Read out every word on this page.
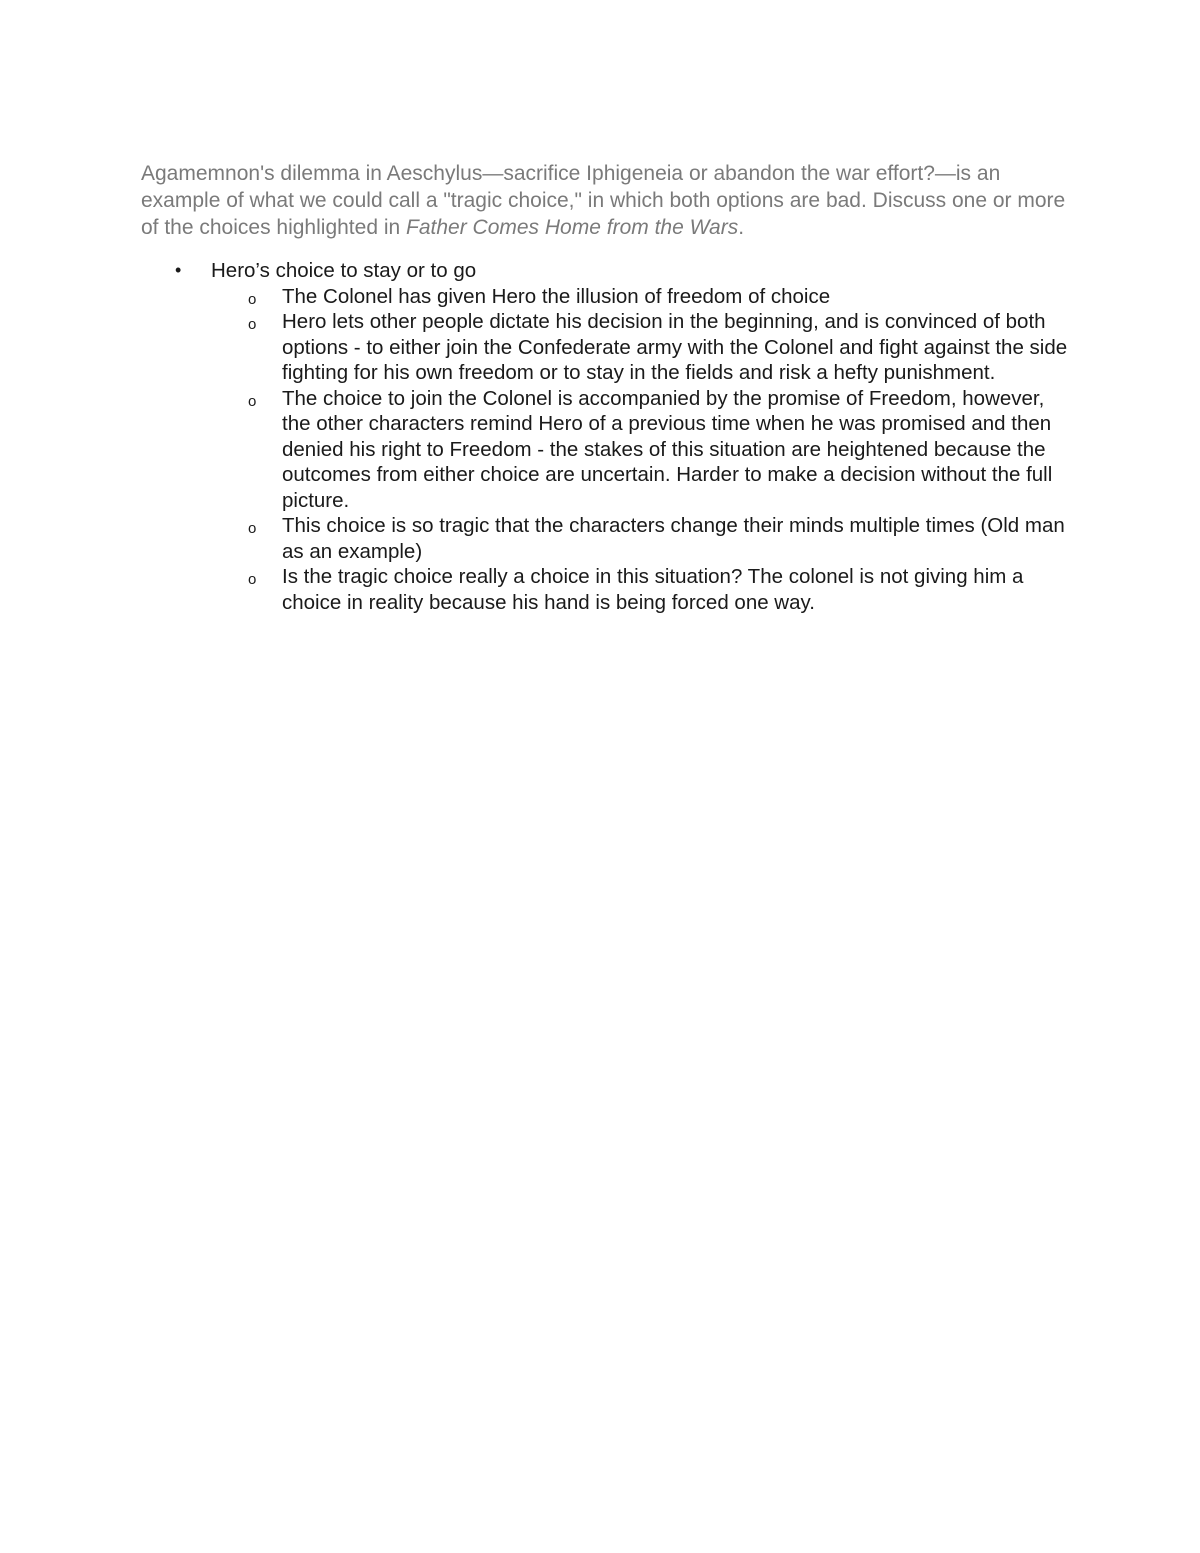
Agamemnon's dilemma in Aeschylus—sacrifice Iphigeneia or abandon the war effort?—is an example of what we could call a "tragic choice," in which both options are bad. Discuss one or more of the choices highlighted in Father Comes Home from the Wars.

• Hero’s choice to stay or to go
o The Colonel has given Hero the illusion of freedom of choice
o Hero lets other people dictate his decision in the beginning, and is convinced of both options - to either join the Confederate army with the Colonel and fight against the side fighting for his own freedom or to stay in the fields and risk a hefty punishment.
o The choice to join the Colonel is accompanied by the promise of Freedom, however, the other characters remind Hero of a previous time when he was promised and then denied his right to Freedom - the stakes of this situation are heightened because the outcomes from either choice are uncertain. Harder to make a decision without the full picture.
o This choice is so tragic that the characters change their minds multiple times (Old man as an example)
o Is the tragic choice really a choice in this situation? The colonel is not giving him a choice in reality because his hand is being forced one way.
